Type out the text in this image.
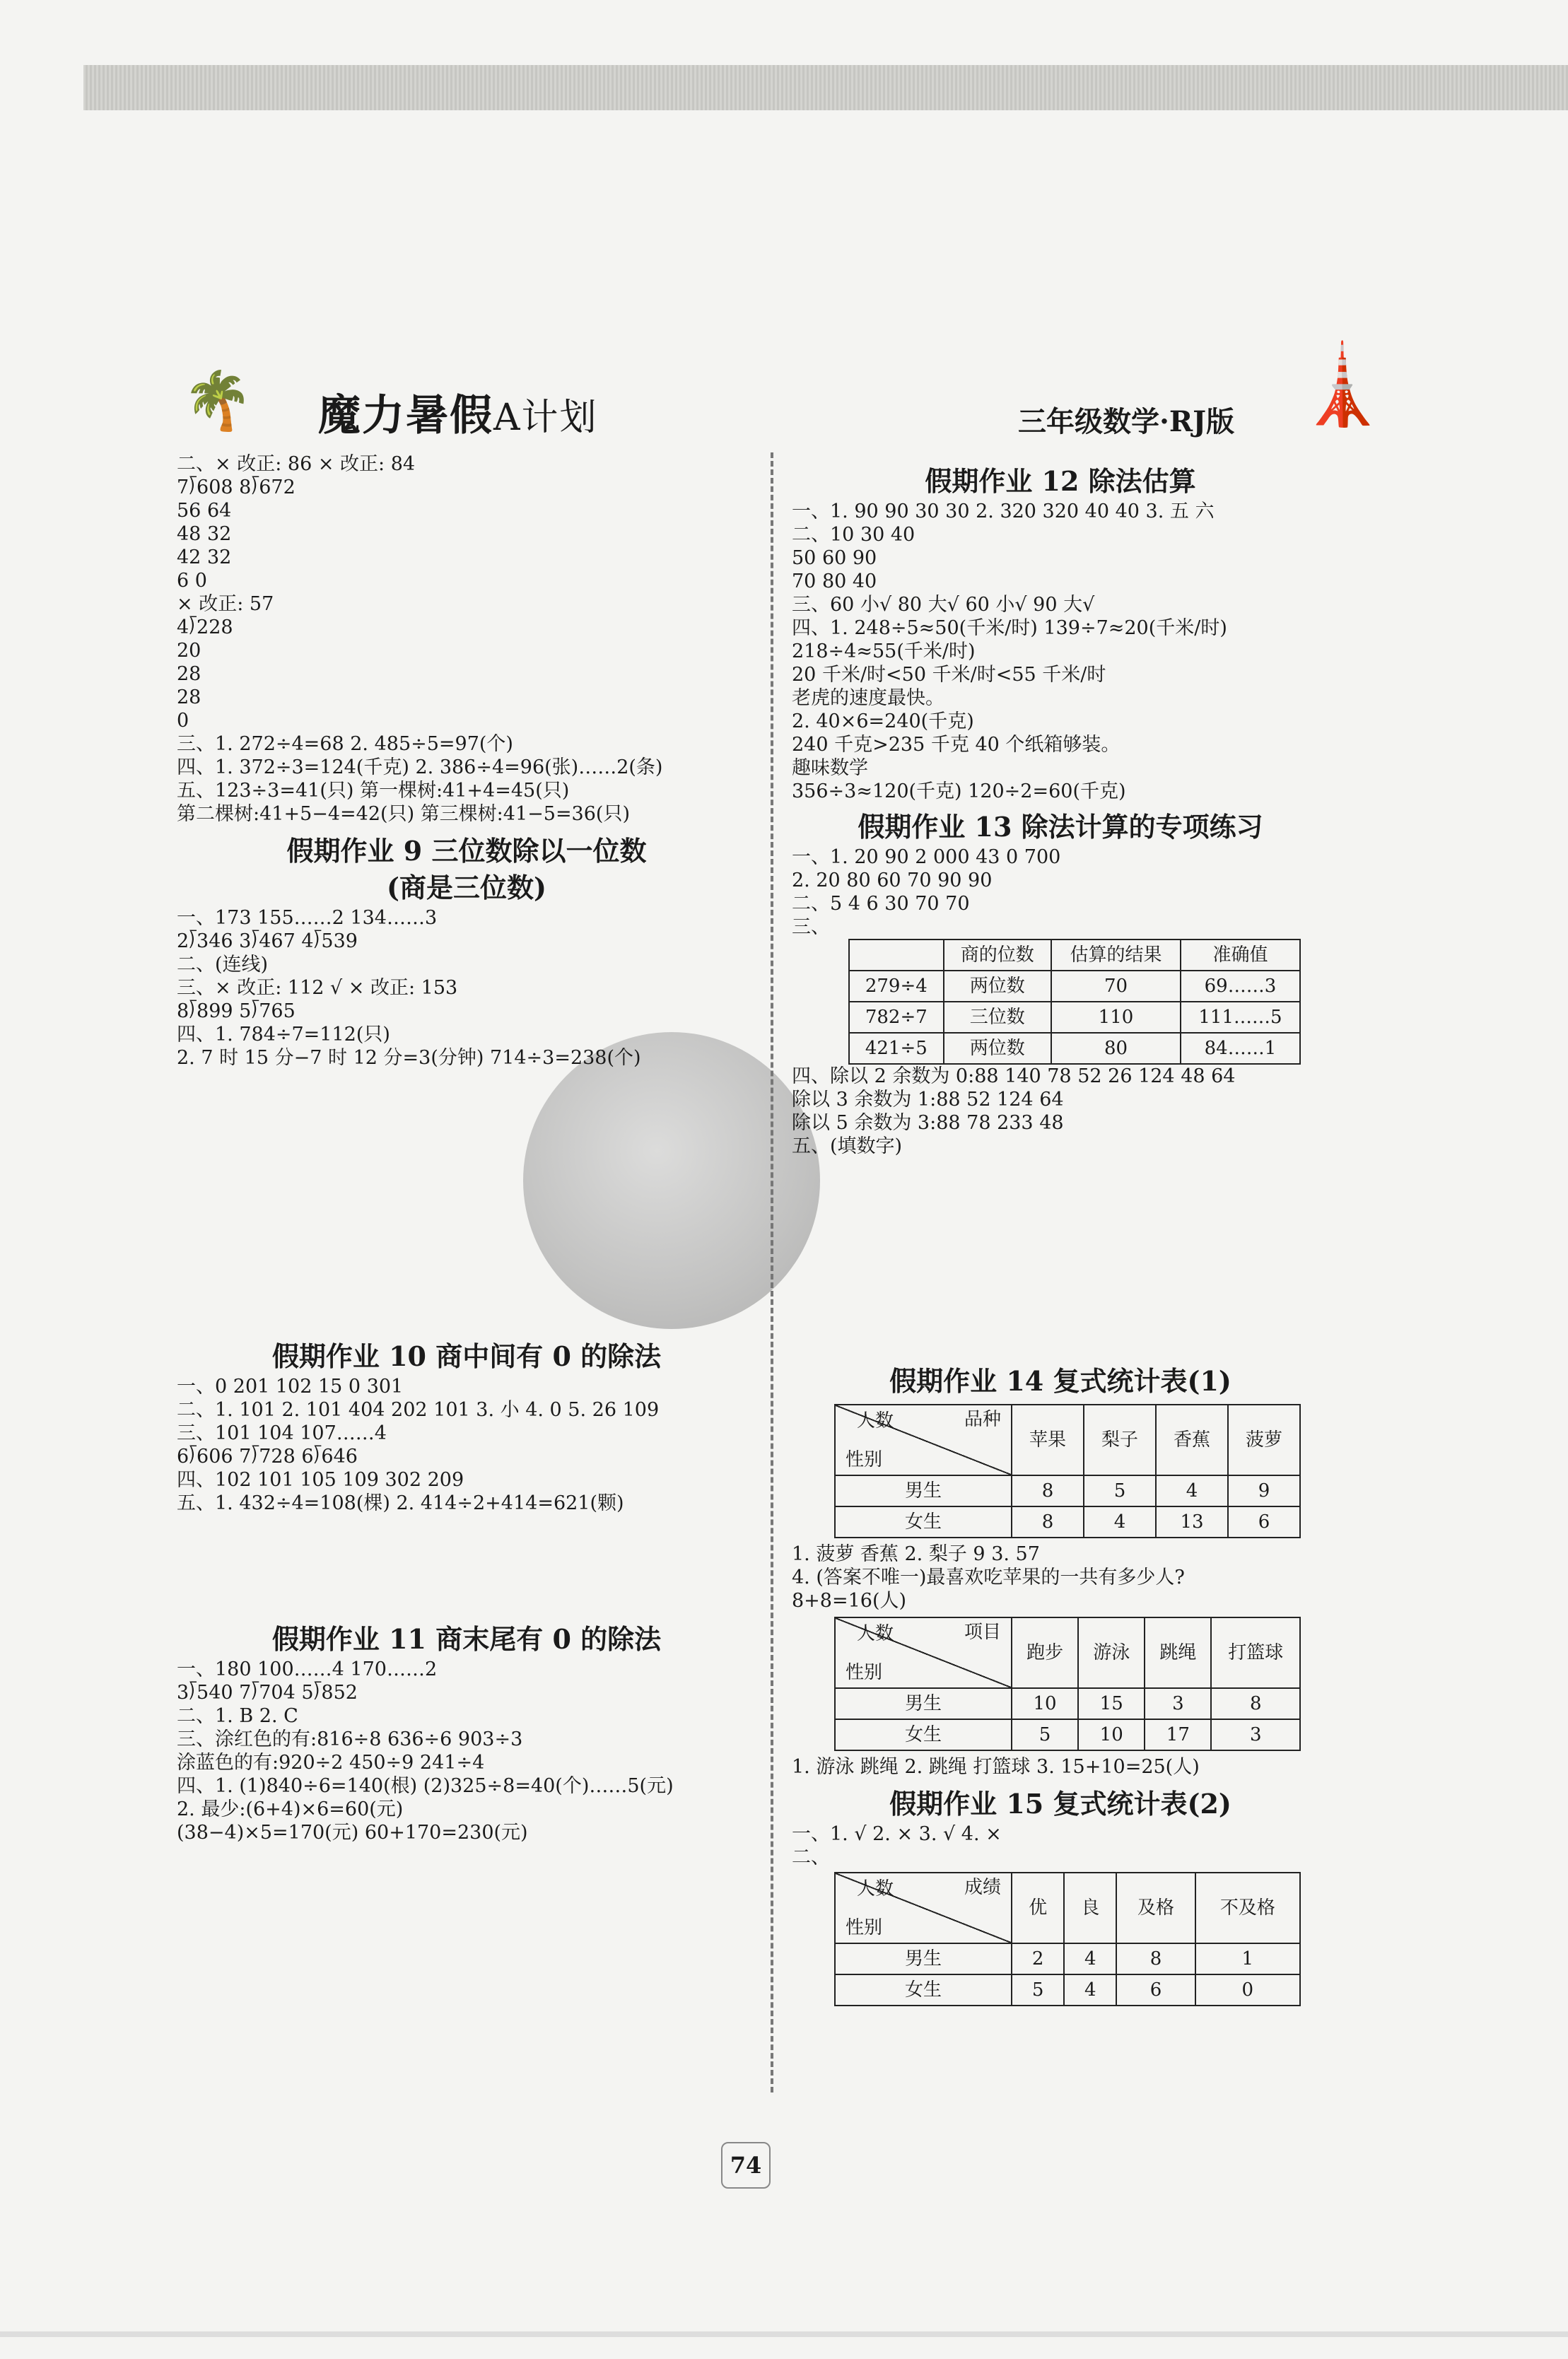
🌴 魔力暑假A计划	三年级数学·RJ版 🗼
二、× 改正: 86 × 改正: 84
7⟌608 8⟌672
56 64
48 32
42 32
6 0
× 改正: 57
4⟌228
20
28
28
0
三、1. 272÷4=68 2. 485÷5=97(个)
四、1. 372÷3=124(千克) 2. 386÷4=96(张)……2(条)
五、123÷3=41(只) 第一棵树:41+4=45(只)
第二棵树:41+5−4=42(只) 第三棵树:41−5=36(只)
假期作业 9 三位数除以一位数
(商是三位数)
一、173 155……2 134……3
2⟌346 3⟌467 4⟌539
二、(连线)
三、× 改正: 112 √ × 改正: 153
8⟌899 5⟌765
四、1. 784÷7=112(只)
2. 7 时 15 分−7 时 12 分=3(分钟) 714÷3=238(个)
假期作业 10 商中间有 0 的除法
一、0 201 102 15 0 301
二、1. 101 2. 101 404 202 101 3. 小 4. 0 5. 26 109
三、101 104 107……4
6⟌606 7⟌728 6⟌646
四、102 101 105 109 302 209
五、1. 432÷4=108(棵) 2. 414÷2+414=621(颗)
假期作业 11 商末尾有 0 的除法
一、180 100……4 170……2
3⟌540 7⟌704 5⟌852
二、1. B 2. C
三、涂红色的有:816÷8 636÷6 903÷3
涂蓝色的有:920÷2 450÷9 241÷4
四、1. (1)840÷6=140(根) (2)325÷8=40(个)……5(元)
2. 最少:(6+4)×6=60(元)
(38−4)×5=170(元) 60+170=230(元)
假期作业 12 除法估算
一、1. 90 90 30 30 2. 320 320 40 40 3. 五 六
二、10 30 40
50 60 90
70 80 40
三、60 小√ 80 大√ 60 小√ 90 大√
四、1. 248÷5≈50(千米/时) 139÷7≈20(千米/时)
218÷4≈55(千米/时)
20 千米/时<50 千米/时<55 千米/时
老虎的速度最快。
2. 40×6=240(千克)
240 千克>235 千克 40 个纸箱够装。
趣味数学
356÷3≈120(千克) 120÷2=60(千克)
假期作业 13 除法计算的专项练习
一、1. 20 90 2 000 43 0 700
2. 20 80 60 70 90 90
二、5 4 6 30 70 70
三、
	商的位数	估算的结果	准确值
279÷4	两位数	70	69……3
782÷7	三位数	110	111……5
421÷5	两位数	80	84……1
四、除以 2 余数为 0:88 140 78 52 26 124 48 64
除以 3 余数为 1:88 52 124 64
除以 5 余数为 3:88 78 233 48
五、(填数字)
假期作业 14 复式统计表(1)
人数 品种
性别	苹果	梨子	香蕉	菠萝
男生	8	5	4	9
女生	8	4	13	6
1. 菠萝 香蕉 2. 梨子 9 3. 57
4. (答案不唯一)最喜欢吃苹果的一共有多少人?
8+8=16(人)
人数 项目
性别	跑步	游泳	跳绳	打篮球
男生	10	15	3	8
女生	5	10	17	3
1. 游泳 跳绳 2. 跳绳 打篮球 3. 15+10=25(人)
假期作业 15 复式统计表(2)
一、1. √ 2. × 3. √ 4. ×
二、
人数 成绩
性别	优	良	及格	不及格
男生	2	4	8	1
女生	5	4	6	0
74
